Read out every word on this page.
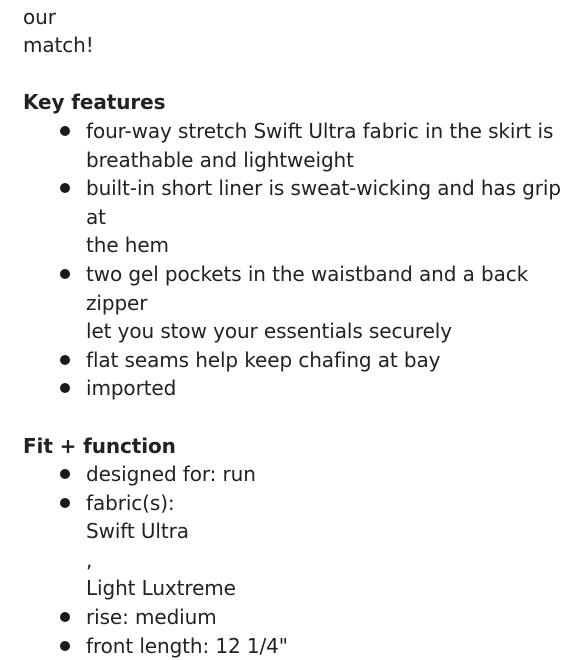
our

match!

Key features
four-way stretch Swift Ultra fabric in the skirt is
breathable and lightweight
built-in short liner is sweat-wicking and has grip at
the hem
two gel pockets in the waistband and a back zipper
let you stow your essentials securely
flat seams help keep chafing at bay
imported
Fit + function
designed for: run
fabric(s):
Swift Ultra
,
Light Luxtreme
rise: medium
front length: 12 1/4"
